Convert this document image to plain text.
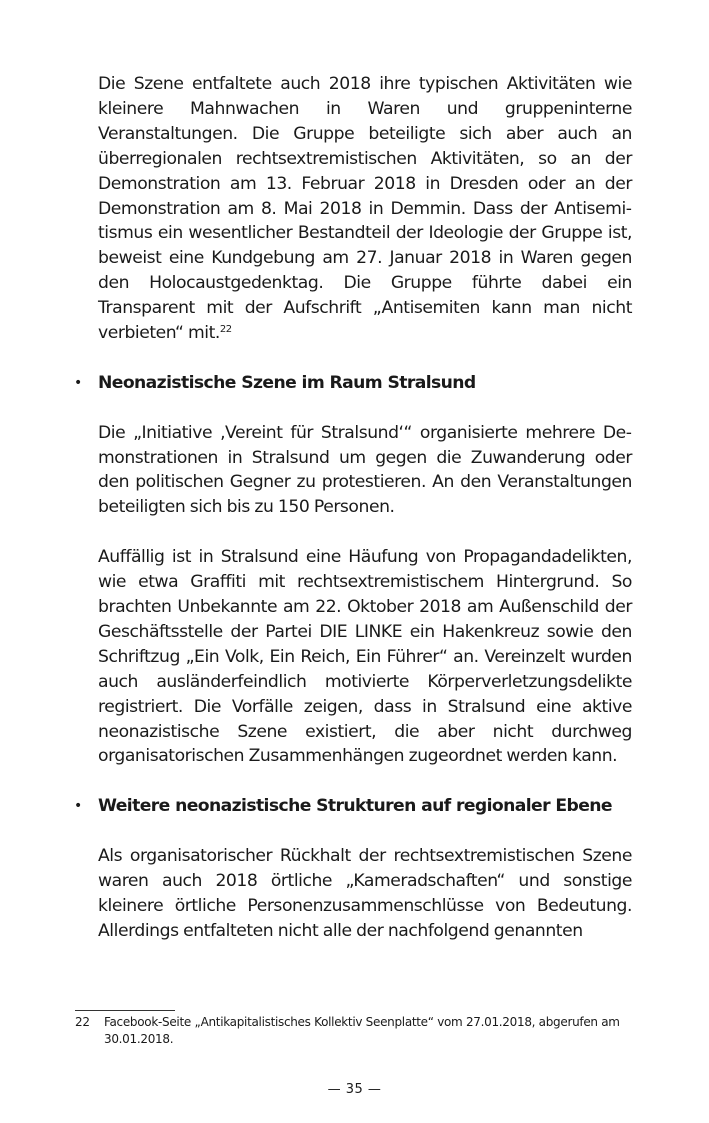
Die Szene entfaltete auch 2018 ihre typischen Aktivitäten wie kleinere Mahnwachen in Waren und gruppeninterne Veranstaltungen. Die Gruppe beteiligte sich aber auch an überregionalen rechtsextremistischen Aktivitäten, so an der Demonstration am 13. Februar 2018 in Dresden oder an der Demonstration am 8. Mai 2018 in Demmin. Dass der Antisemitismus ein wesentlicher Bestandteil der Ideologie der Gruppe ist, beweist eine Kundgebung am 27. Januar 2018 in Waren gegen den Holocaustgedenktag. Die Gruppe führte dabei ein Transparent mit der Aufschrift „Antisemiten kann man nicht verbieten“ mit.$^{22}$

• Neonazistische Szene im Raum Stralsund

Die „Initiative ‚Vereint für Stralsund‘“ organisierte mehrere Demonstrationen in Stralsund um gegen die Zuwanderung oder den politischen Gegner zu protestieren. An den Veranstaltungen beteiligten sich bis zu 150 Personen.

Auffällig ist in Stralsund eine Häufung von Propagandadelikten, wie etwa Graffiti mit rechtsextremistischem Hintergrund. So brachten Unbekannte am 22. Oktober 2018 am Außenschild der Geschäftsstelle der Partei DIE LINKE ein Hakenkreuz sowie den Schriftzug „Ein Volk, Ein Reich, Ein Führer“ an. Vereinzelt wurden auch ausländerfeindlich motivierte Körperverletzungsdelikte registriert. Die Vorfälle zeigen, dass in Stralsund eine aktive neonazistische Szene existiert, die aber nicht durchweg organisatorischen Zusammenhängen zugeordnet werden kann.

• Weitere neonazistische Strukturen auf regionaler Ebene

Als organisatorischer Rückhalt der rechtsextremistischen Szene waren auch 2018 örtliche „Kameradschaften“ und sonstige kleinere örtliche Personenzusammenschlüsse von Bedeutung. Allerdings entfalteten nicht alle der nachfolgend genannten

22 Facebook-Seite „Antikapitalistisches Kollektiv Seenplatte“ vom 27.01.2018, abgerufen am 30.01.2018.
— 35 —
